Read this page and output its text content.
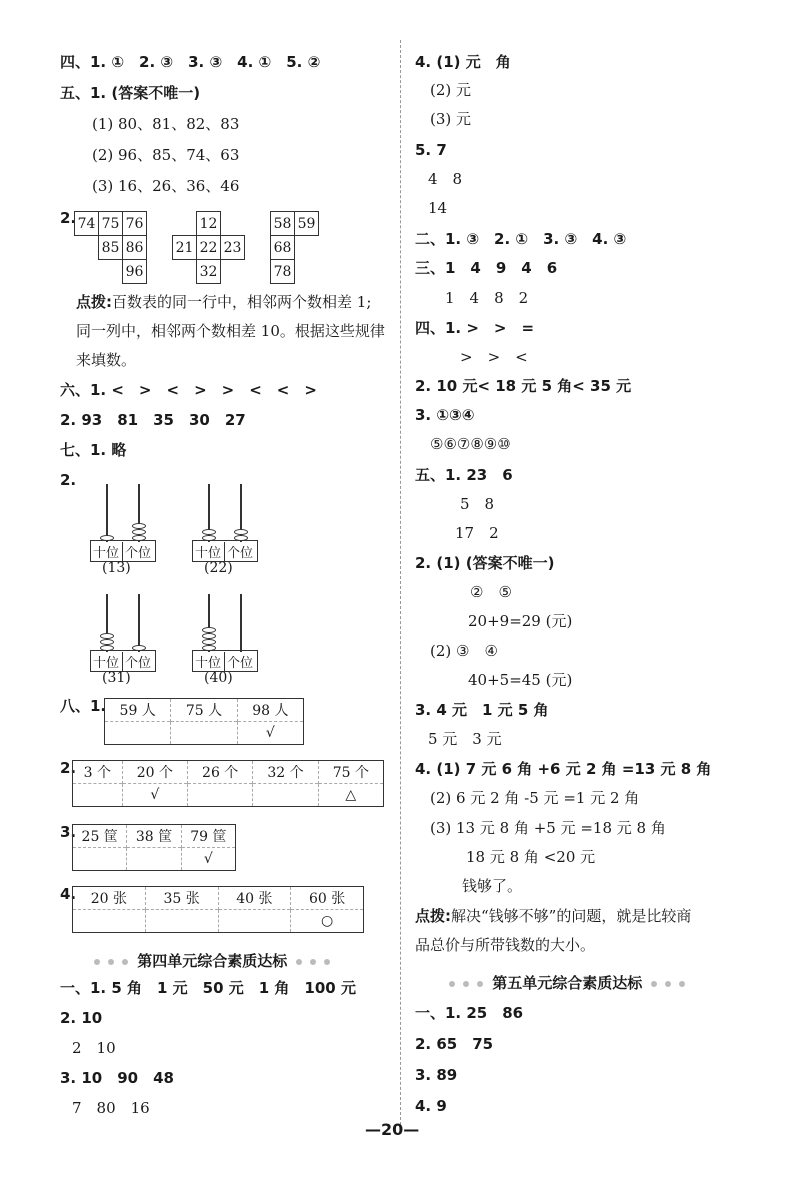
四、1. ①　2. ③　3. ③　4. ①　5. ②
五、1. (答案不唯一)
(1) 80、81、82、83
(2) 96、85、74、63
(3) 16、26、36、46
2. 74	75	76
	85	86
		96
	12	
21	22	23
	32	
58	59
68	
78	
点拨:百数表的同一行中，相邻两个数相差 1;
同一列中，相邻两个数相差 10。根据这些规律
来填数。
六、1. <　>　<　>　>　<　<　>
2. 93　81　35　30　27
七、1. 略
2.
十位 个位
(13)
十位 个位
(22)
十位 个位
(31)
十位 个位
(40)
八、1. 59 人	75 人	98 人
		√
2. 3 个	20 个	26 个	32 个	75 个
	√			△
3. 25 筐	38 筐	79 筐
		√
4. 20 张	35 张	40 张	60 张
			○
第四单元综合素质达标
一、1. 5 角　1 元　50 元　1 角　100 元
2. 10
2　10
3. 10　90　48
7　80　16
4. (1) 元　角
(2) 元
(3) 元
5. 7
4　8
14
二、1. ③　2. ①　3. ③　4. ③
三、1　4　9　4　6
1　4　8　2
四、1. >　>　=
>　>　<
2. 10 元< 18 元 5 角< 35 元
3. ①③④
⑤⑥⑦⑧⑨⑩
五、1. 23　6
5　8
17　2
2. (1) (答案不唯一)
②　⑤
20+9=29 (元)
(2) ③　④
40+5=45 (元)
3. 4 元　1 元 5 角
5 元　3 元
4. (1) 7 元 6 角 +6 元 2 角 =13 元 8 角
(2) 6 元 2 角 -5 元 =1 元 2 角
(3) 13 元 8 角 +5 元 =18 元 8 角
18 元 8 角 <20 元
钱够了。
点拨:解决“钱够不够”的问题，就是比较商
品总价与所带钱数的大小。
第五单元综合素质达标
一、1. 25　86
2. 65　75
3. 89
4. 9
—20—
